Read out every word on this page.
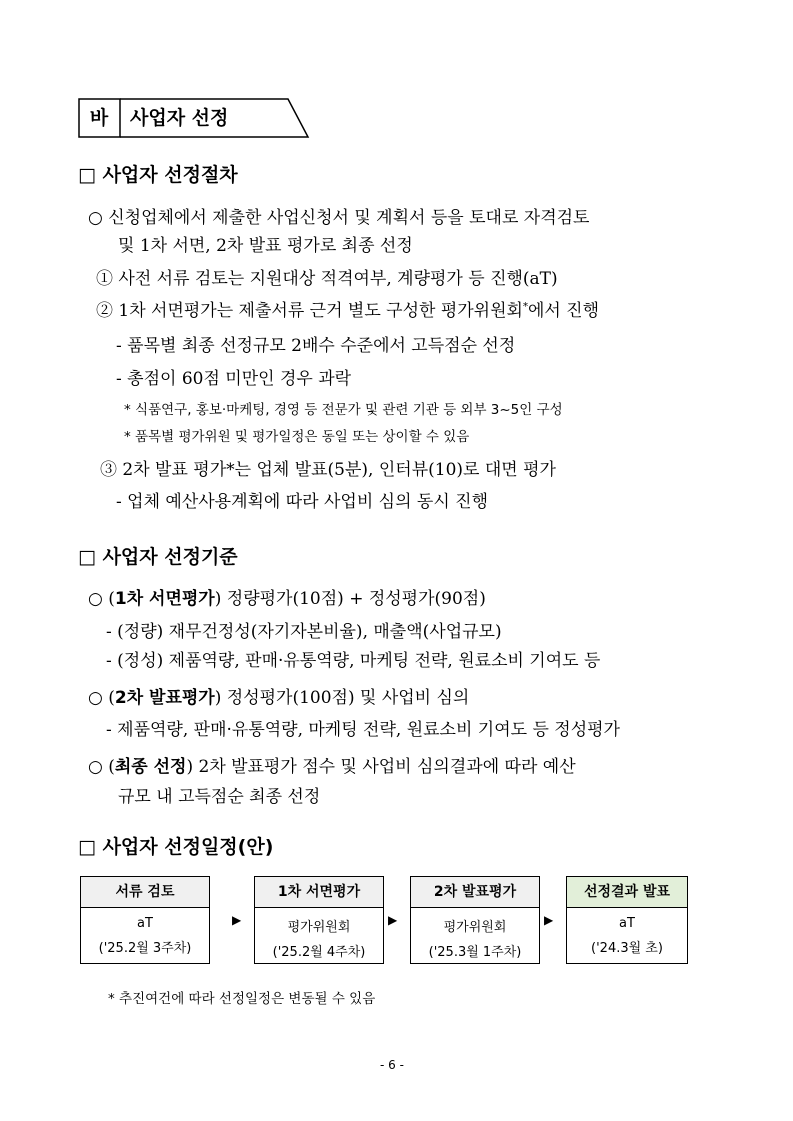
바	사업자 선정
□ 사업자 선정절차
○ 신청업체에서 제출한 사업신청서 및 계획서 등을 토대로 자격검토
및 1차 서면, 2차 발표 평가로 최종 선정
① 사전 서류 검토는 지원대상 적격여부, 계량평가 등 진행(aT)
② 1차 서면평가는 제출서류 근거 별도 구성한 평가위원회*에서 진행
- 품목별 최종 선정규모 2배수 수준에서 고득점순 선정
- 총점이 60점 미만인 경우 과락
* 식품연구, 홍보·마케팅, 경영 등 전문가 및 관련 기관 등 외부 3~5인 구성
* 품목별 평가위원 및 평가일정은 동일 또는 상이할 수 있음
③ 2차 발표 평가*는 업체 발표(5분), 인터뷰(10)로 대면 평가
- 업체 예산사용계획에 따라 사업비 심의 동시 진행
□ 사업자 선정기준
○ (1차 서면평가) 정량평가(10점) + 정성평가(90점)
- (정량) 재무건정성(자기자본비율), 매출액(사업규모)
- (정성) 제품역량, 판매·유통역량, 마케팅 전략, 원료소비 기여도 등
○ (2차 발표평가) 정성평가(100점) 및 사업비 심의
- 제품역량, 판매·유통역량, 마케팅 전략, 원료소비 기여도 등 정성평가
○ (최종 선정) 2차 발표평가 점수 및 사업비 심의결과에 따라 예산
규모 내 고득점순 최종 선정
□ 사업자 선정일정(안)
서류 검토
aT
('25.2월 3주차)
▶
1차 서면평가
평가위원회
('25.2월 4주차)
▶
2차 발표평가
평가위원회
('25.3월 1주차)
▶
선정결과 발표
aT
('24.3월 초)
* 추진여건에 따라 선정일정은 변동될 수 있음
- 6 -
